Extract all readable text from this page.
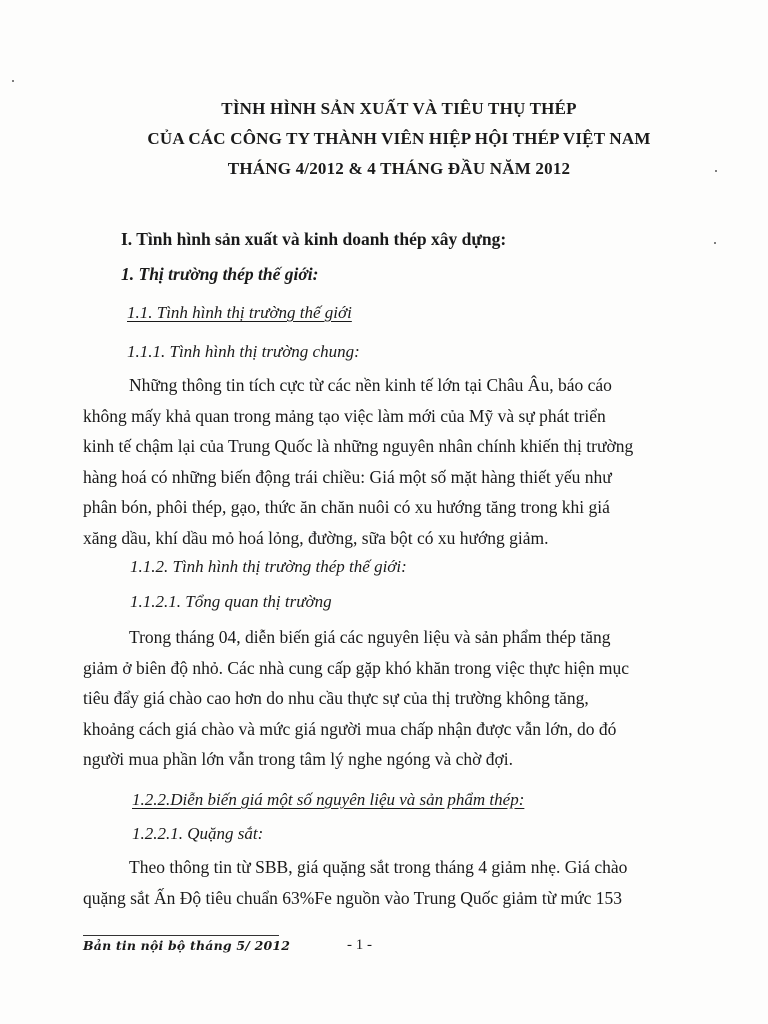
TÌNH HÌNH SẢN XUẤT VÀ TIÊU THỤ THÉP
CỦA CÁC CÔNG TY THÀNH VIÊN HIỆP HỘI THÉP VIỆT NAM
THÁNG 4/2012 & 4 THÁNG ĐẦU NĂM 2012
I. Tình hình sản xuất và kinh doanh thép xây dựng:
1. Thị trường thép thế giới:
1.1. Tình hình thị trường thế giới
1.1.1. Tình hình thị trường chung:
Những thông tin tích cực từ các nền kinh tế lớn tại Châu Âu, báo cáo
không mấy khả quan trong mảng tạo việc làm mới của Mỹ và sự phát triển
kinh tế chậm lại của Trung Quốc là những nguyên nhân chính khiến thị trường
hàng hoá có những biến động trái chiều: Giá một số mặt hàng thiết yếu như
phân bón, phôi thép, gạo, thức ăn chăn nuôi có xu hướng tăng trong khi giá
xăng dầu, khí dầu mỏ hoá lỏng, đường, sữa bột có xu hướng giảm.
1.1.2. Tình hình thị trường thép thế giới:
1.1.2.1. Tổng quan thị trường
Trong tháng 04, diễn biến giá các nguyên liệu và sản phẩm thép tăng
giảm ở biên độ nhỏ. Các nhà cung cấp gặp khó khăn trong việc thực hiện mục
tiêu đẩy giá chào cao hơn do nhu cầu thực sự của thị trường không tăng,
khoảng cách giá chào và mức giá người mua chấp nhận được vẫn lớn, do đó
người mua phần lớn vẫn trong tâm lý nghe ngóng và chờ đợi.
1.2.2.Diễn biến giá một số nguyên liệu và sản phẩm thép:
1.2.2.1. Quặng sắt:
Theo thông tin từ SBB, giá quặng sắt trong tháng 4 giảm nhẹ. Giá chào
quặng sắt Ấn Độ tiêu chuẩn 63%Fe nguồn vào Trung Quốc giảm từ mức 153
Bản tin nội bộ tháng 5/ 2012	- 1 -
